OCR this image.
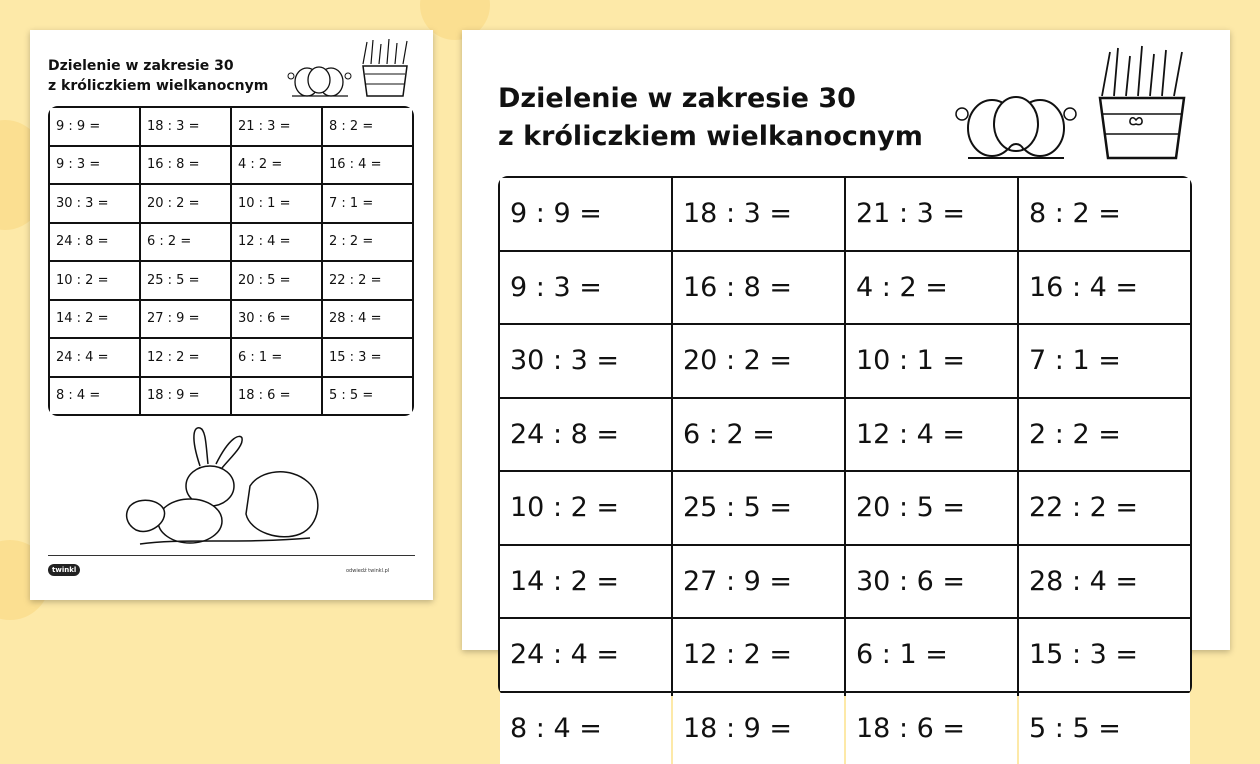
Dzielenie w zakresie 30
z króliczkiem wielkanocnym
9 : 9 =	18 : 3 =	21 : 3 =	8 : 2 =
9 : 3 =	16 : 8 =	4 : 2 =	16 : 4 =
30 : 3 =	20 : 2 =	10 : 1 =	7 : 1 =
24 : 8 =	6 : 2 =	12 : 4 =	2 : 2 =
10 : 2 =	25 : 5 =	20 : 5 =	22 : 2 =
14 : 2 =	27 : 9 =	30 : 6 =	28 : 4 =
24 : 4 =	12 : 2 =	6 : 1 =	15 : 3 =
8 : 4 =	18 : 9 =	18 : 6 =	5 : 5 =
twinkl	odwiedź twinkl.pl
Dzielenie w zakresie 30
z króliczkiem wielkanocnym
9 : 9 =	18 : 3 =	21 : 3 =	8 : 2 =
9 : 3 =	16 : 8 =	4 : 2 =	16 : 4 =
30 : 3 =	20 : 2 =	10 : 1 =	7 : 1 =
24 : 8 =	6 : 2 =	12 : 4 =	2 : 2 =
10 : 2 =	25 : 5 =	20 : 5 =	22 : 2 =
14 : 2 =	27 : 9 =	30 : 6 =	28 : 4 =
24 : 4 =	12 : 2 =	6 : 1 =	15 : 3 =
8 : 4 =	18 : 9 =	18 : 6 =	5 : 5 =
